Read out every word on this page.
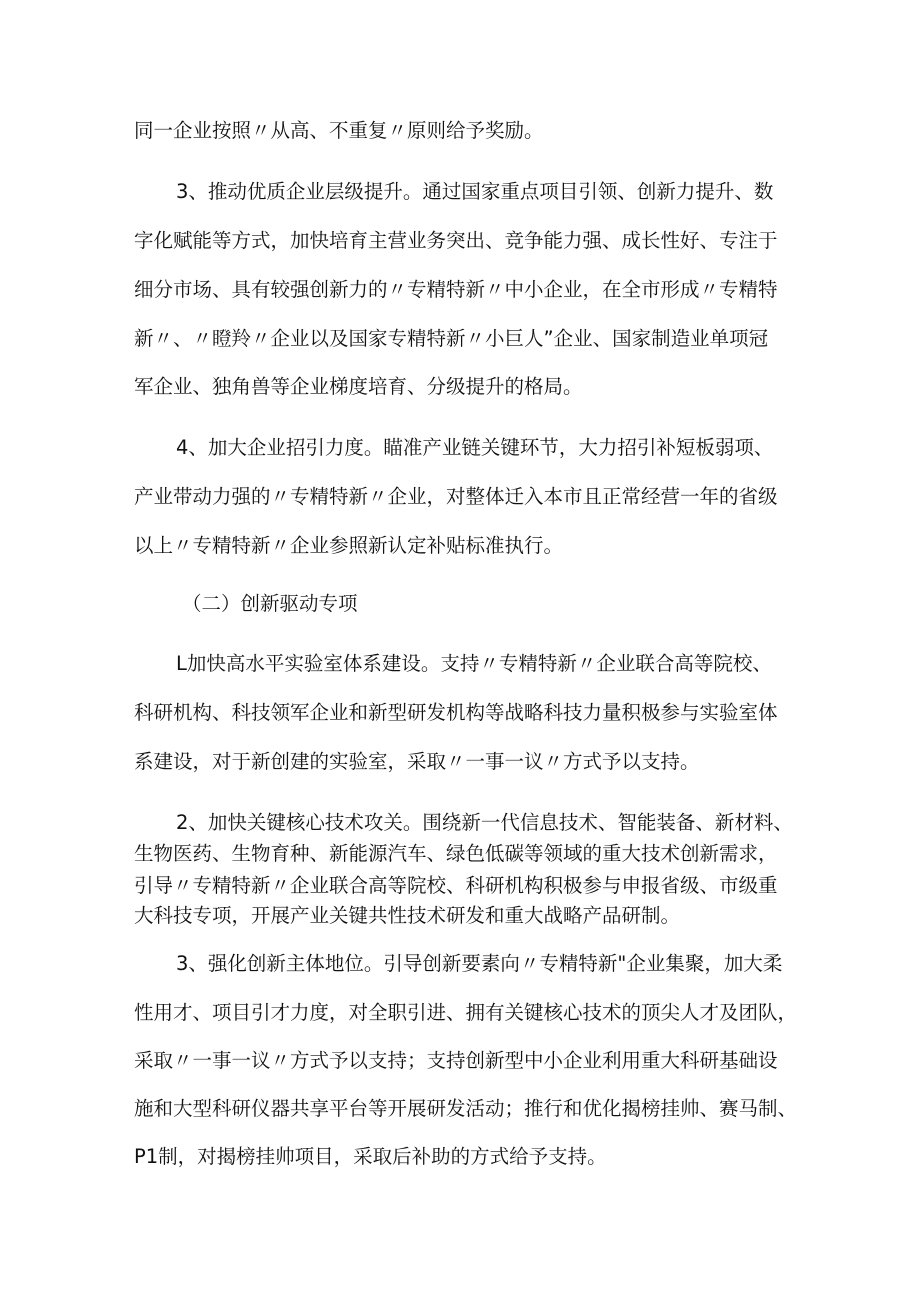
同一企业按照〃从高、不重复〃原则给予奖励。

3、推动优质企业层级提升。通过国家重点项目引领、创新力提升、数

字化赋能等方式，加快培育主营业务突出、竞争能力强、成长性好、专注于

细分市场、具有较强创新力的〃专精特新〃中小企业，在全市形成〃专精特

新〃、〃瞪羚〃企业以及国家专精特新〃小巨人”企业、国家制造业单项冠

军企业、独角兽等企业梯度培育、分级提升的格局。

4、加大企业招引力度。瞄准产业链关键环节，大力招引补短板弱项、

产业带动力强的〃专精特新〃企业，对整体迁入本市且正常经营一年的省级

以上〃专精特新〃企业参照新认定补贴标准执行。

（二）创新驱动专项

L加快高水平实验室体系建设。支持〃专精特新〃企业联合高等院校、

科研机构、科技领军企业和新型研发机构等战略科技力量积极参与实验室体

系建设，对于新创建的实验室，采取〃一事一议〃方式予以支持。

2、加快关键核心技术攻关。围绕新一代信息技术、智能装备、新材料、

生物医药、生物育种、新能源汽车、绿色低碳等领域的重大技术创新需求，

引导〃专精特新〃企业联合高等院校、科研机构积极参与申报省级、市级重

大科技专项，开展产业关键共性技术研发和重大战略产品研制。

3、强化创新主体地位。引导创新要素向〃专精特新"企业集聚，加大柔

性用才、项目引才力度，对全职引进、拥有关键核心技术的顶尖人才及团队，

采取〃一事一议〃方式予以支持；支持创新型中小企业利用重大科研基础设

施和大型科研仪器共享平台等开展研发活动；推行和优化揭榜挂帅、赛马制、

P1制，对揭榜挂帅项目，采取后补助的方式给予支持。
